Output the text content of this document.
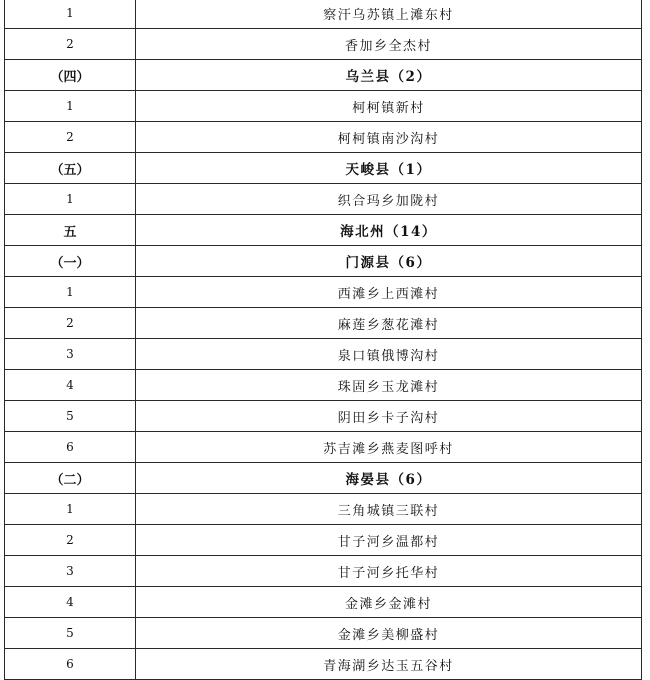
1	察汗乌苏镇上滩东村
2	香加乡全杰村
（四）	乌兰县（2）
1	柯柯镇新村
2	柯柯镇南沙沟村
（五）	天峻县（1）
1	织合玛乡加陇村
五	海北州（14）
（一）	门源县（6）
1	西滩乡上西滩村
2	麻莲乡葱花滩村
3	泉口镇俄博沟村
4	珠固乡玉龙滩村
5	阴田乡卡子沟村
6	苏吉滩乡燕麦图呼村
（二）	海晏县（6）
1	三角城镇三联村
2	甘子河乡温都村
3	甘子河乡托华村
4	金滩乡金滩村
5	金滩乡美柳盛村
6	青海湖乡达玉五谷村
